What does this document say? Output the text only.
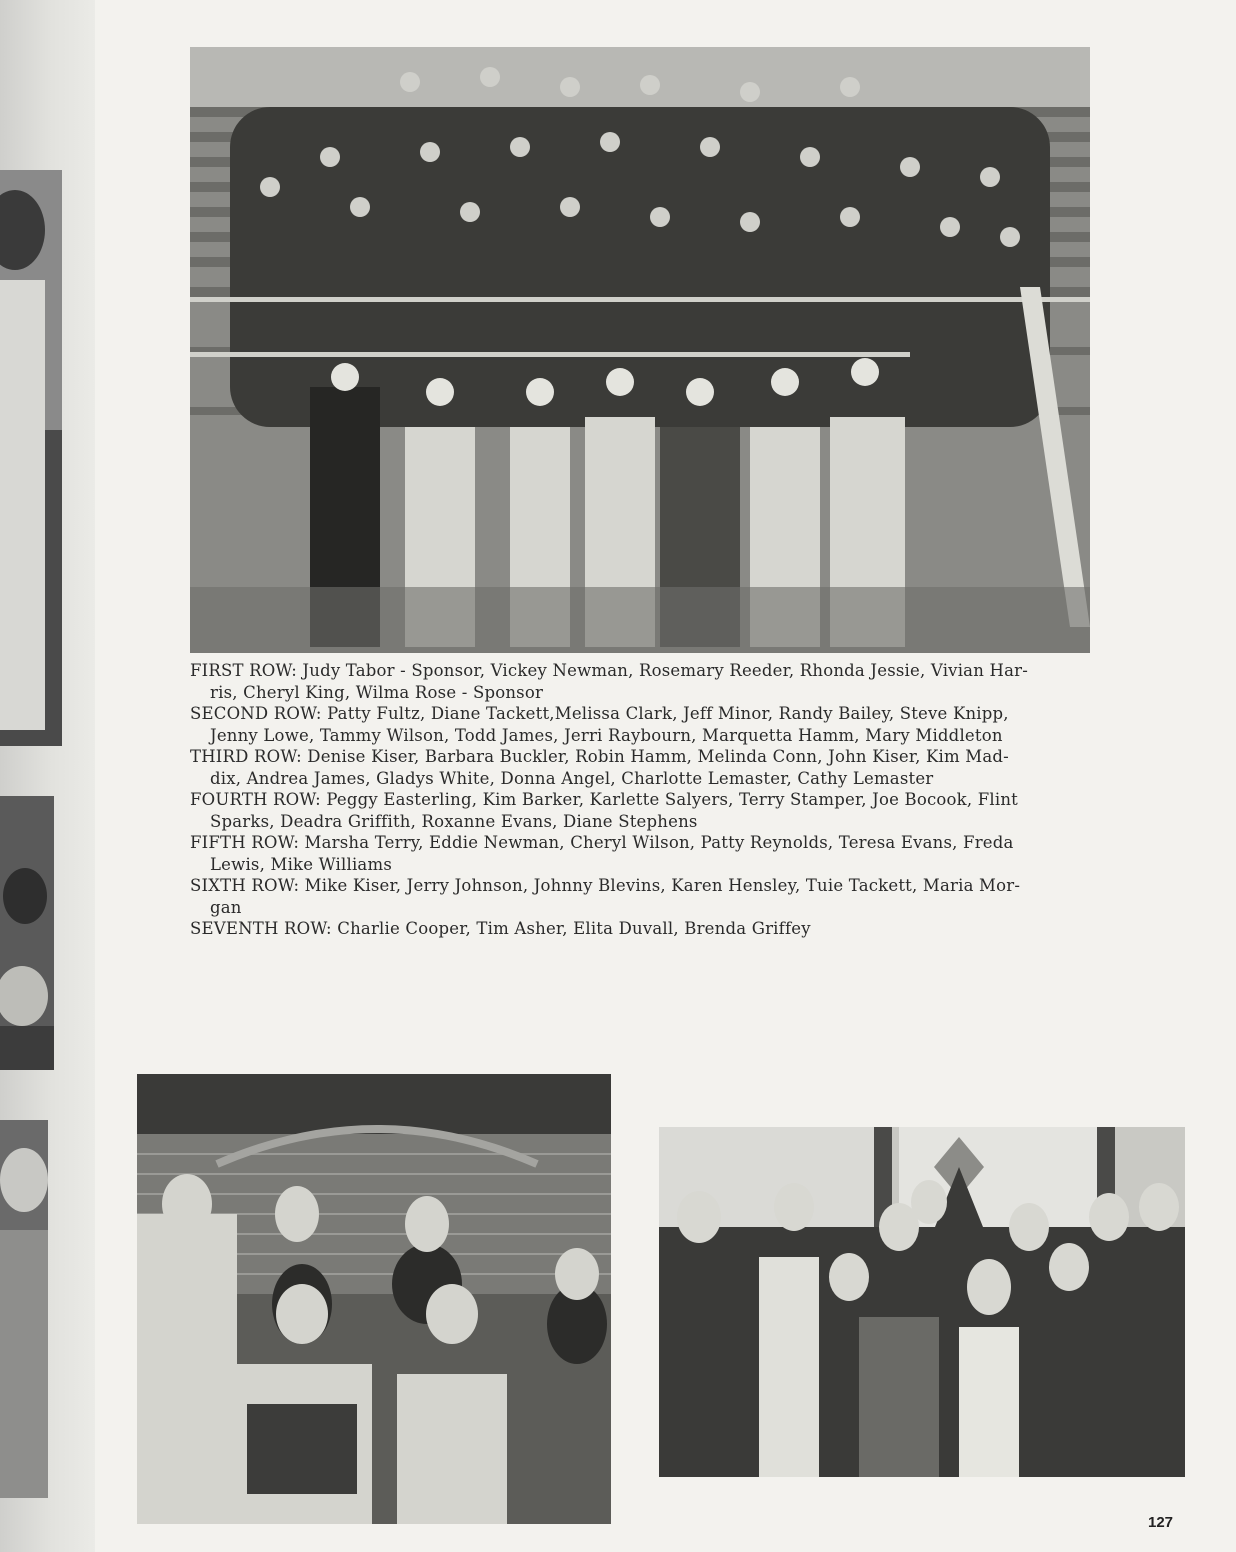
FIRST ROW: Judy Tabor - Sponsor, Vickey Newman, Rosemary Reeder, Rhonda Jessie, Vivian Har-
ris, Cheryl King, Wilma Rose - Sponsor
SECOND ROW: Patty Fultz, Diane Tackett,Melissa Clark, Jeff Minor, Randy Bailey, Steve Knipp,
Jenny Lowe, Tammy Wilson, Todd James, Jerri Raybourn, Marquetta Hamm, Mary Middleton
THIRD ROW: Denise Kiser, Barbara Buckler, Robin Hamm, Melinda Conn, John Kiser, Kim Mad-
dix, Andrea James, Gladys White, Donna Angel, Charlotte Lemaster, Cathy Lemaster
FOURTH ROW: Peggy Easterling, Kim Barker, Karlette Salyers, Terry Stamper, Joe Bocook, Flint
Sparks, Deadra Griffith, Roxanne Evans, Diane Stephens
FIFTH ROW: Marsha Terry, Eddie Newman, Cheryl Wilson, Patty Reynolds, Teresa Evans, Freda
Lewis, Mike Williams
SIXTH ROW: Mike Kiser, Jerry Johnson, Johnny Blevins, Karen Hensley, Tuie Tackett, Maria Mor-
gan
SEVENTH ROW: Charlie Cooper, Tim Asher, Elita Duvall, Brenda Griffey
127
